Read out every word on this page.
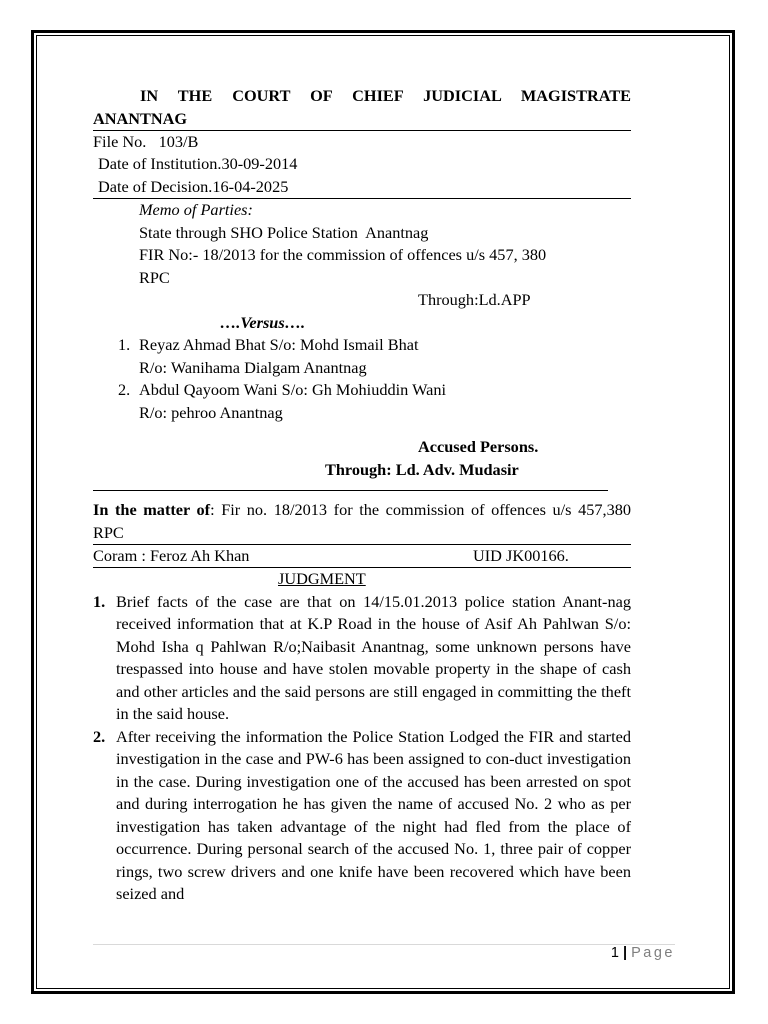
IN THE COURT OF CHIEF JUDICIAL MAGISTRATE

ANANTNAG

File No.   103/B

Date of Institution.30-09-2014

Date of Decision.16-04-2025

Memo of Parties:

State through SHO Police Station  Anantnag

FIR No:- 18/2013 for the commission of offences u/s 457, 380

RPC

Through:Ld.APP

….Versus….

1. Reyaz Ahmad Bhat S/o: Mohd Ismail Bhat
R/o: Wanihama Dialgam Anantnag
2. Abdul Qayoom Wani S/o: Gh Mohiuddin Wani
R/o: pehroo Anantnag

Accused Persons.

Through: Ld. Adv. Mudasir

In the matter of: Fir no. 18/2013 for the commission of offences u/s 457,380 RPC

Coram : Feroz Ah Khan	UID JK00166.

JUDGMENT

1. Brief facts of the case are that on 14/15.01.2013 police station Anant-nag received information that at K.P Road in the house of Asif Ah Pahlwan S/o: Mohd Isha q Pahlwan R/o;Naibasit Anantnag, some unknown persons have trespassed into house and have stolen movable property in the shape of cash and other articles and the said persons are still engaged in committing the theft in the said house.
2. After receiving the information the Police Station Lodged the FIR and started investigation in the case and PW-6 has been assigned to con-duct investigation in the case. During investigation one of the accused has been arrested on spot and during interrogation he has given the name of accused No. 2 who as per investigation has taken advantage of the night had fled from the place of occurrence. During personal search of the accused No. 1, three pair of copper rings, two screw drivers and one knife have been recovered which have been seized and
1 | Page
